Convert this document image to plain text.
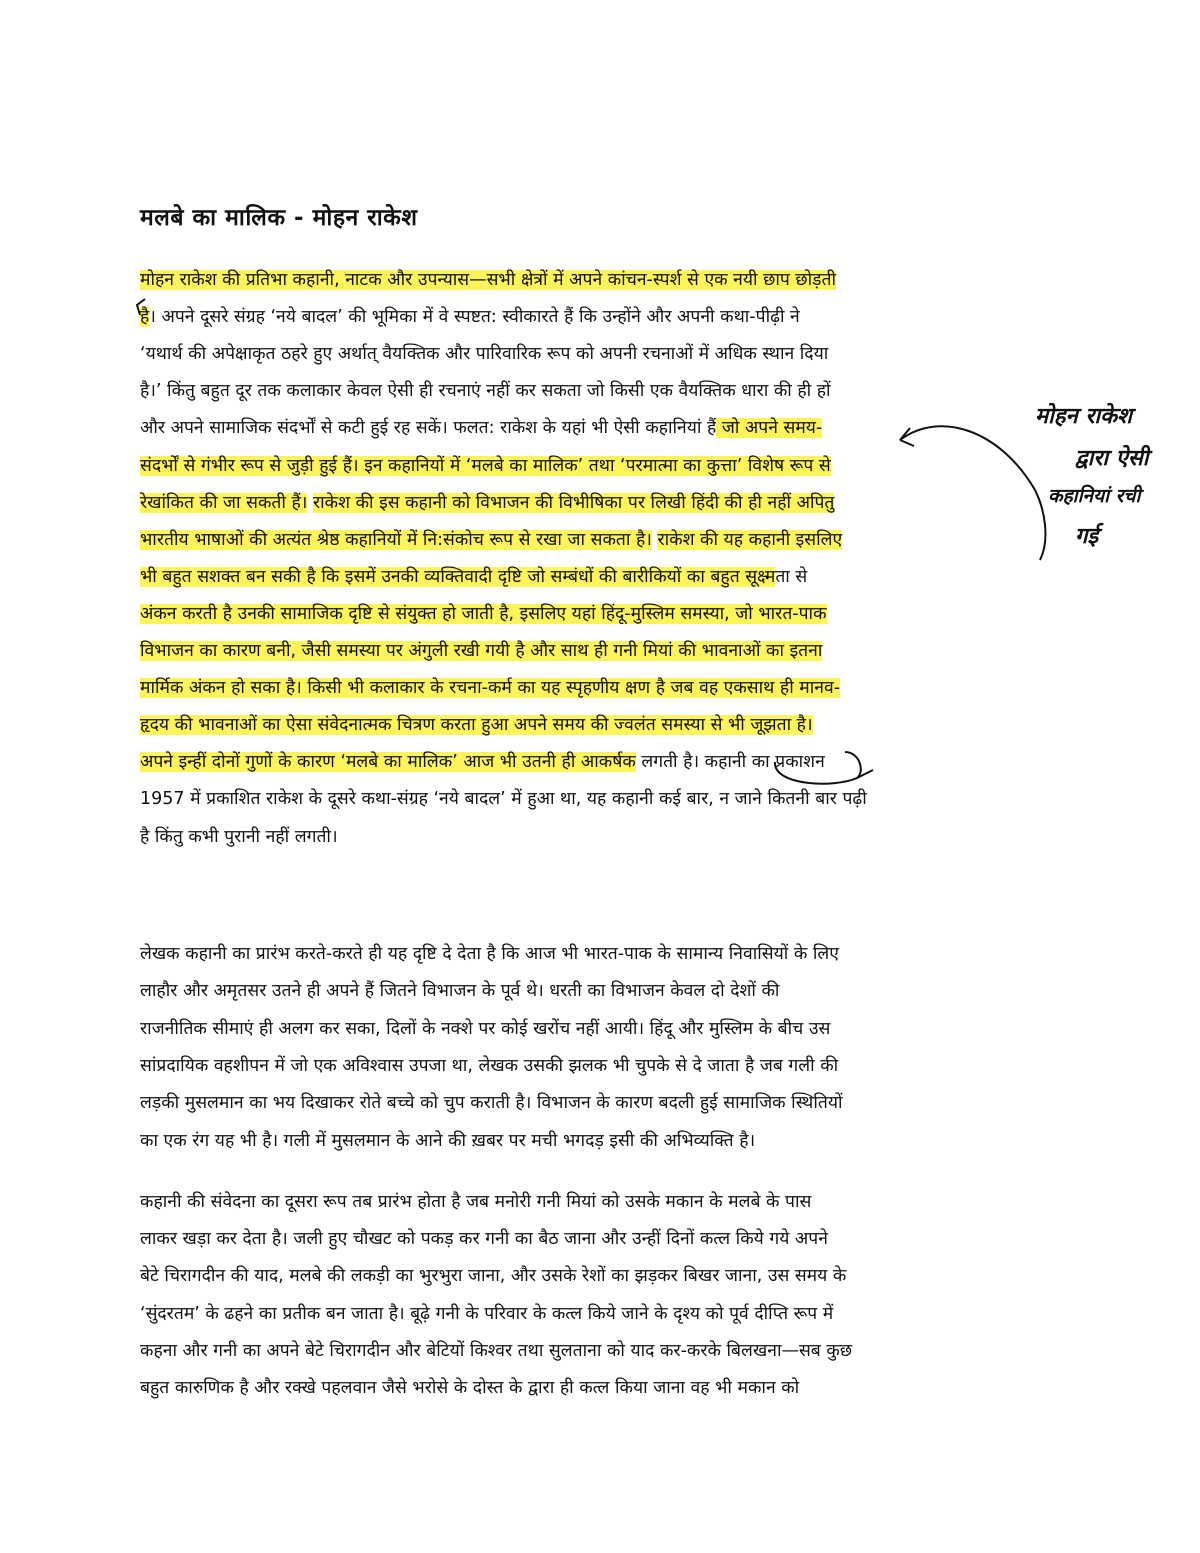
मलबे का मालिक - मोहन राकेश
मोहन राकेश की प्रतिभा कहानी, नाटक और उपन्यास—सभी क्षेत्रों में अपने कांचन-स्पर्श से एक नयी छाप छोड़ती
है। अपने दूसरे संग्रह ‘नये बादल’ की भूमिका में वे स्पष्टत: स्वीकारते हैं कि उन्होंने और अपनी कथा-पीढ़ी ने
‘यथार्थ की अपेक्षाकृत ठहरे हुए अर्थात् वैयक्तिक और पारिवारिक रूप को अपनी रचनाओं में अधिक स्थान दिया
है।’ किंतु बहुत दूर तक कलाकार केवल ऐसी ही रचनाएं नहीं कर सकता जो किसी एक वैयक्तिक धारा की ही हों
और अपने सामाजिक संदर्भों से कटी हुई रह सकें। फलत: राकेश के यहां भी ऐसी कहानियां हैं जो अपने समय-
संदर्भों से गंभीर रूप से जुड़ी हुई हैं। इन कहानियों में ‘मलबे का मालिक’ तथा ‘परमात्मा का कुत्ता’ विशेष रूप से
रेखांकित की जा सकती हैं। राकेश की इस कहानी को विभाजन की विभीषिका पर लिखी हिंदी की ही नहीं अपितु
भारतीय भाषाओं की अत्यंत श्रेष्ठ कहानियों में नि:संकोच रूप से रखा जा सकता है। राकेश की यह कहानी इसलिए
भी बहुत सशक्त बन सकी है कि इसमें उनकी व्यक्तिवादी दृष्टि जो सम्बंधों की बारीकियों का बहुत सूक्ष्मता से
अंकन करती है उनकी सामाजिक दृष्टि से संयुक्त हो जाती है, इसलिए यहां हिंदू-मुस्लिम समस्या, जो भारत-पाक
विभाजन का कारण बनी, जैसी समस्या पर अंगुली रखी गयी है और साथ ही गनी मियां की भावनाओं का इतना
मार्मिक अंकन हो सका है। किसी भी कलाकार के रचना-कर्म का यह स्पृहणीय क्षण है जब वह एकसाथ ही मानव-
हृदय की भावनाओं का ऐसा संवेदनात्मक चित्रण करता हुआ अपने समय की ज्वलंत समस्या से भी जूझता है।
अपने इन्हीं दोनों गुणों के कारण ‘मलबे का मालिक’ आज भी उतनी ही आकर्षक लगती है। कहानी का प्रकाशन
1957 में प्रकाशित राकेश के दूसरे कथा-संग्रह ‘नये बादल’ में हुआ था, यह कहानी कई बार, न जाने कितनी बार पढ़ी
है किंतु कभी पुरानी नहीं लगती।
लेखक कहानी का प्रारंभ करते-करते ही यह दृष्टि दे देता है कि आज भी भारत-पाक के सामान्य निवासियों के लिए
लाहौर और अमृतसर उतने ही अपने हैं जितने विभाजन के पूर्व थे। धरती का विभाजन केवल दो देशों की
राजनीतिक सीमाएं ही अलग कर सका, दिलों के नक्शे पर कोई खरोंच नहीं आयी। हिंदू और मुस्लिम के बीच उस
सांप्रदायिक वहशीपन में जो एक अविश्वास उपजा था, लेखक उसकी झलक भी चुपके से दे जाता है जब गली की
लड़की मुसलमान का भय दिखाकर रोते बच्चे को चुप कराती है। विभाजन के कारण बदली हुई सामाजिक स्थितियों
का एक रंग यह भी है। गली में मुसलमान के आने की ख़बर पर मची भगदड़ इसी की अभिव्यक्ति है।
कहानी की संवेदना का दूसरा रूप तब प्रारंभ होता है जब मनोरी गनी मियां को उसके मकान के मलबे के पास
लाकर खड़ा कर देता है। जली हुए चौखट को पकड़ कर गनी का बैठ जाना और उन्हीं दिनों कत्ल किये गये अपने
बेटे चिरागदीन की याद, मलबे की लकड़ी का भुरभुरा जाना, और उसके रेशों का झड़कर बिखर जाना, उस समय के
‘सुंदरतम’ के ढहने का प्रतीक बन जाता है। बूढ़े गनी के परिवार के कत्ल किये जाने के दृश्य को पूर्व दीप्ति रूप में
कहना और गनी का अपने बेटे चिरागदीन और बेटियों किश्वर तथा सुलताना को याद कर-करके बिलखना—सब कुछ
बहुत कारुणिक है और रक्खे पहलवान जैसे भरोसे के दोस्त के द्वारा ही कत्ल किया जाना वह भी मकान को
मोहन राकेश
द्वारा ऐसी
कहानियां रची
गई
